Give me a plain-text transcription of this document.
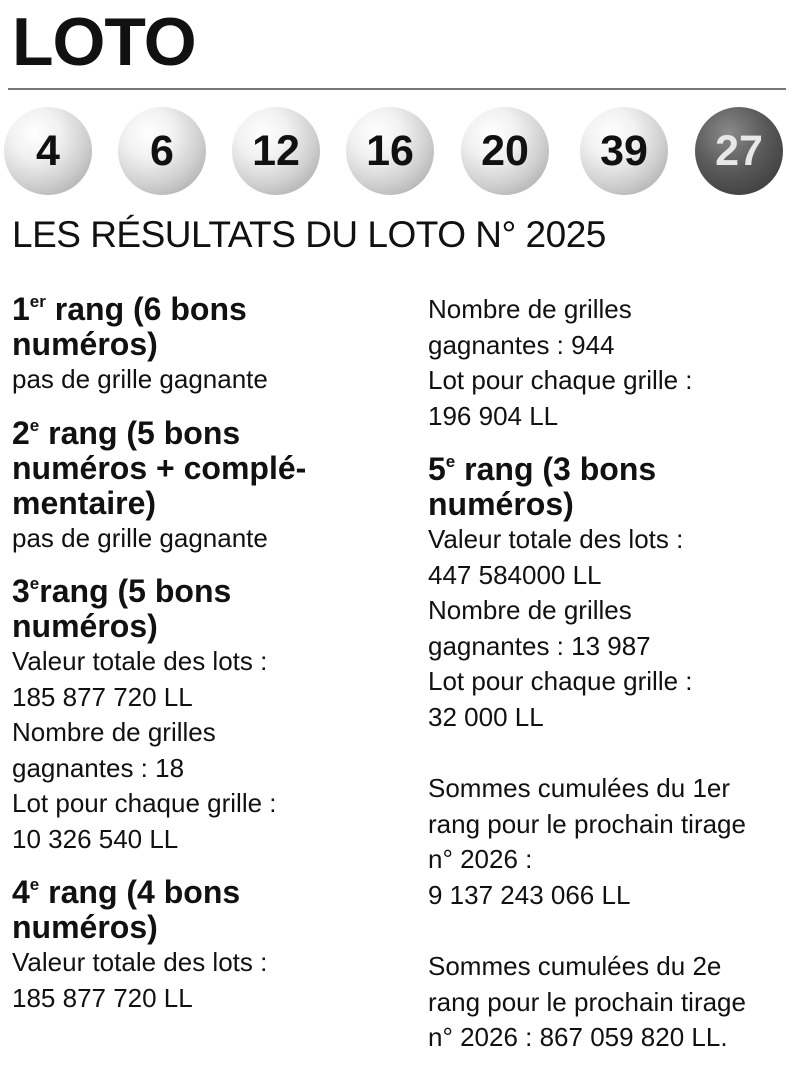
LOTO
4	6	12	16	20	39	27
LES RÉSULTATS DU LOTO N° 2025

1er rang (6 bons

numéros)

pas de grille gagnante

2e rang (5 bons

numéros + complé-

mentaire)

pas de grille gagnante

3erang (5 bons

numéros)

Valeur totale des lots :

185 877 720 LL

Nombre de grilles

gagnantes : 18

Lot pour chaque grille :

10 326 540 LL

4e rang (4 bons

numéros)

Valeur totale des lots :

185 877 720 LL

Nombre de grilles

gagnantes : 944

Lot pour chaque grille :

196 904 LL

5e rang (3 bons

numéros)

Valeur totale des lots :

447 584000 LL

Nombre de grilles

gagnantes : 13 987

Lot pour chaque grille :

32 000 LL

Sommes cumulées du 1er

rang pour le prochain tirage

n° 2026 :

9 137 243 066 LL

Sommes cumulées du 2e

rang pour le prochain tirage

n° 2026 : 867 059 820 LL.
